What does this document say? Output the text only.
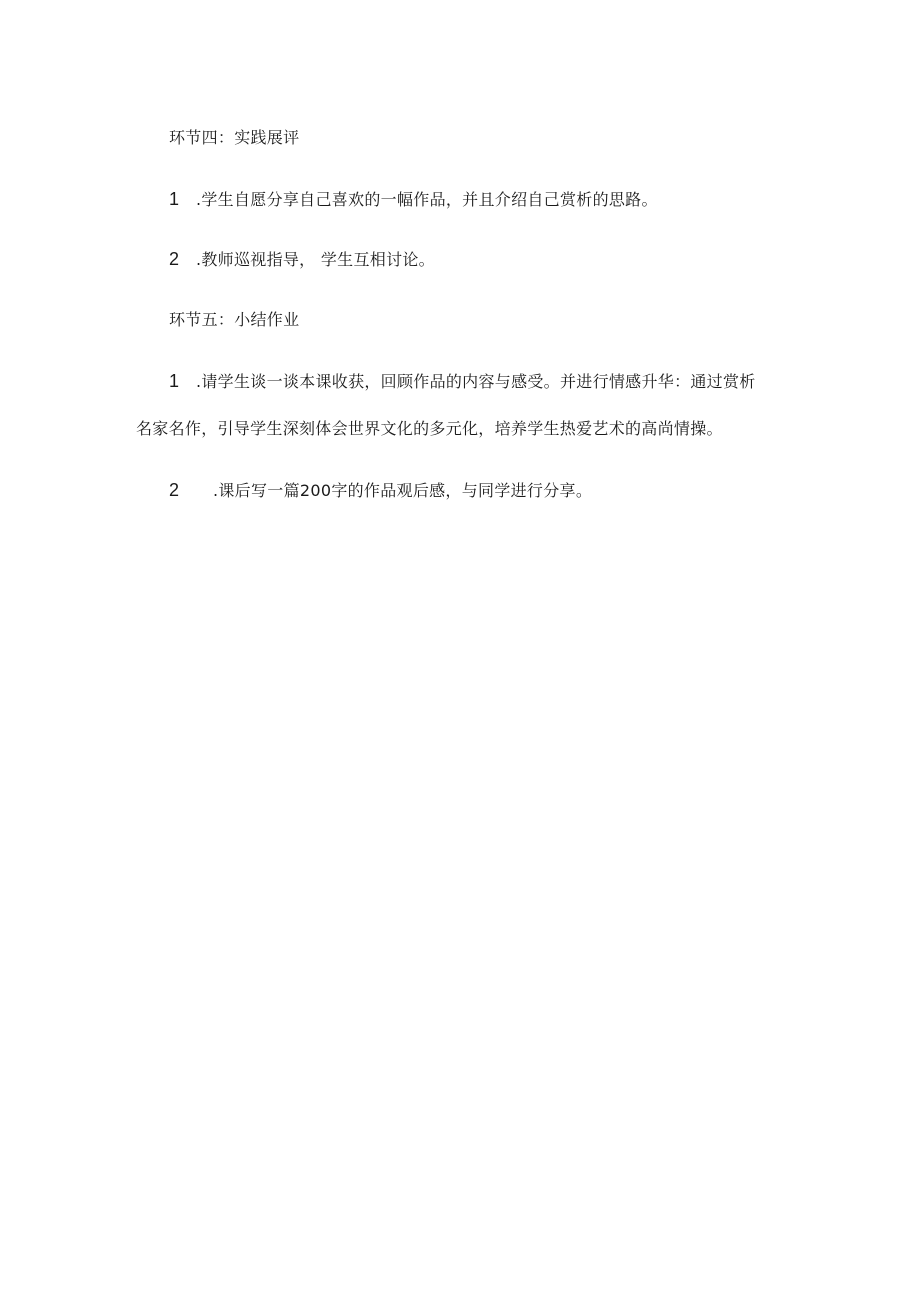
环节四：实践展评
1 .学生自愿分享自己喜欢的一幅作品，并且介绍自己赏析的思路。
2 .教师巡视指导， 学生互相讨论。
环节五：小结作业
1 .请学生谈一谈本课收获，回顾作品的内容与感受。并进行情感升华：通过赏析
名家名作，引导学生深刻体会世界文化的多元化，培养学生热爱艺术的高尚情操。
2 .课后写一篇200字的作品观后感，与同学进行分享。
